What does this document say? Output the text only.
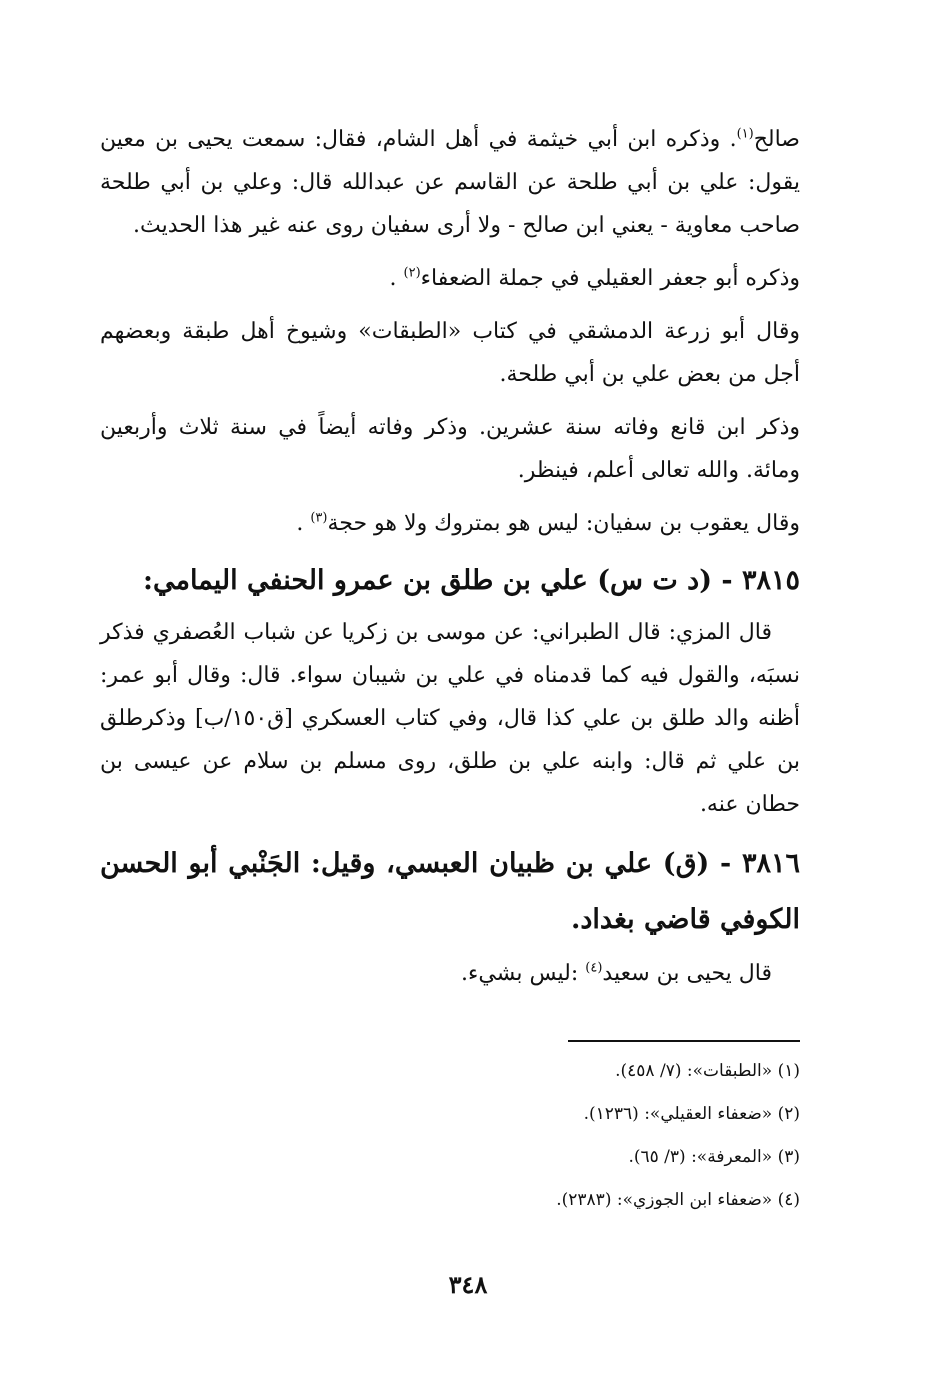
صالح$^{(١)}$. وذكره ابن أبي خيثمة في أهل الشام، فقال: سمعت يحيى بن معين يقول: علي بن أبي طلحة عن القاسم عن عبدالله قال: وعلي بن أبي طلحة صاحب معاوية - يعني ابن صالح - ولا أرى سفيان روى عنه غير هذا الحديث.

وذكره أبو جعفر العقيلي في جملة الضعفاء$^{(٢)}$ .

وقال أبو زرعة الدمشقي في كتاب «الطبقات» وشيوخ أهل طبقة وبعضهم أجل من بعض علي بن أبي طلحة.

وذكر ابن قانع وفاته سنة عشرين. وذكر وفاته أيضاً في سنة ثلاث وأربعين ومائة. والله تعالى أعلم، فينظر.

وقال يعقوب بن سفيان: ليس هو بمتروك ولا هو حجة$^{(٣)}$ .

٣٨١٥ - (د ت س) علي بن طلق بن عمرو الحنفي اليمامي:

قال المزي: قال الطبراني: عن موسى بن زكريا عن شباب العُصفري فذكر نسبَه، والقول فيه كما قدمناه في علي بن شيبان سواء. قال: وقال أبو عمر: أظنه والد طلق بن علي كذا قال، وفي كتاب العسكري [ق١٥٠/ب] وذكرطلق بن علي ثم قال: وابنه علي بن طلق، روى مسلم بن سلام عن عيسى بن حطان عنه.

٣٨١٦ - (ق) علي بن ظبيان العبسي، وقيل: الجَنْبي أبو الحسن الكوفي قاضي بغداد.

قال يحيى بن سعيد$^{(٤)}$ :ليس بشيء.

(١) «الطبقات»: (٧/ ٤٥٨).

(٢) «ضعفاء العقيلي»: (١٢٣٦).

(٣) «المعرفة»: (٣/ ٦٥).

(٤) «ضعفاء ابن الجوزي»: (٢٣٨٣).

٣٤٨
